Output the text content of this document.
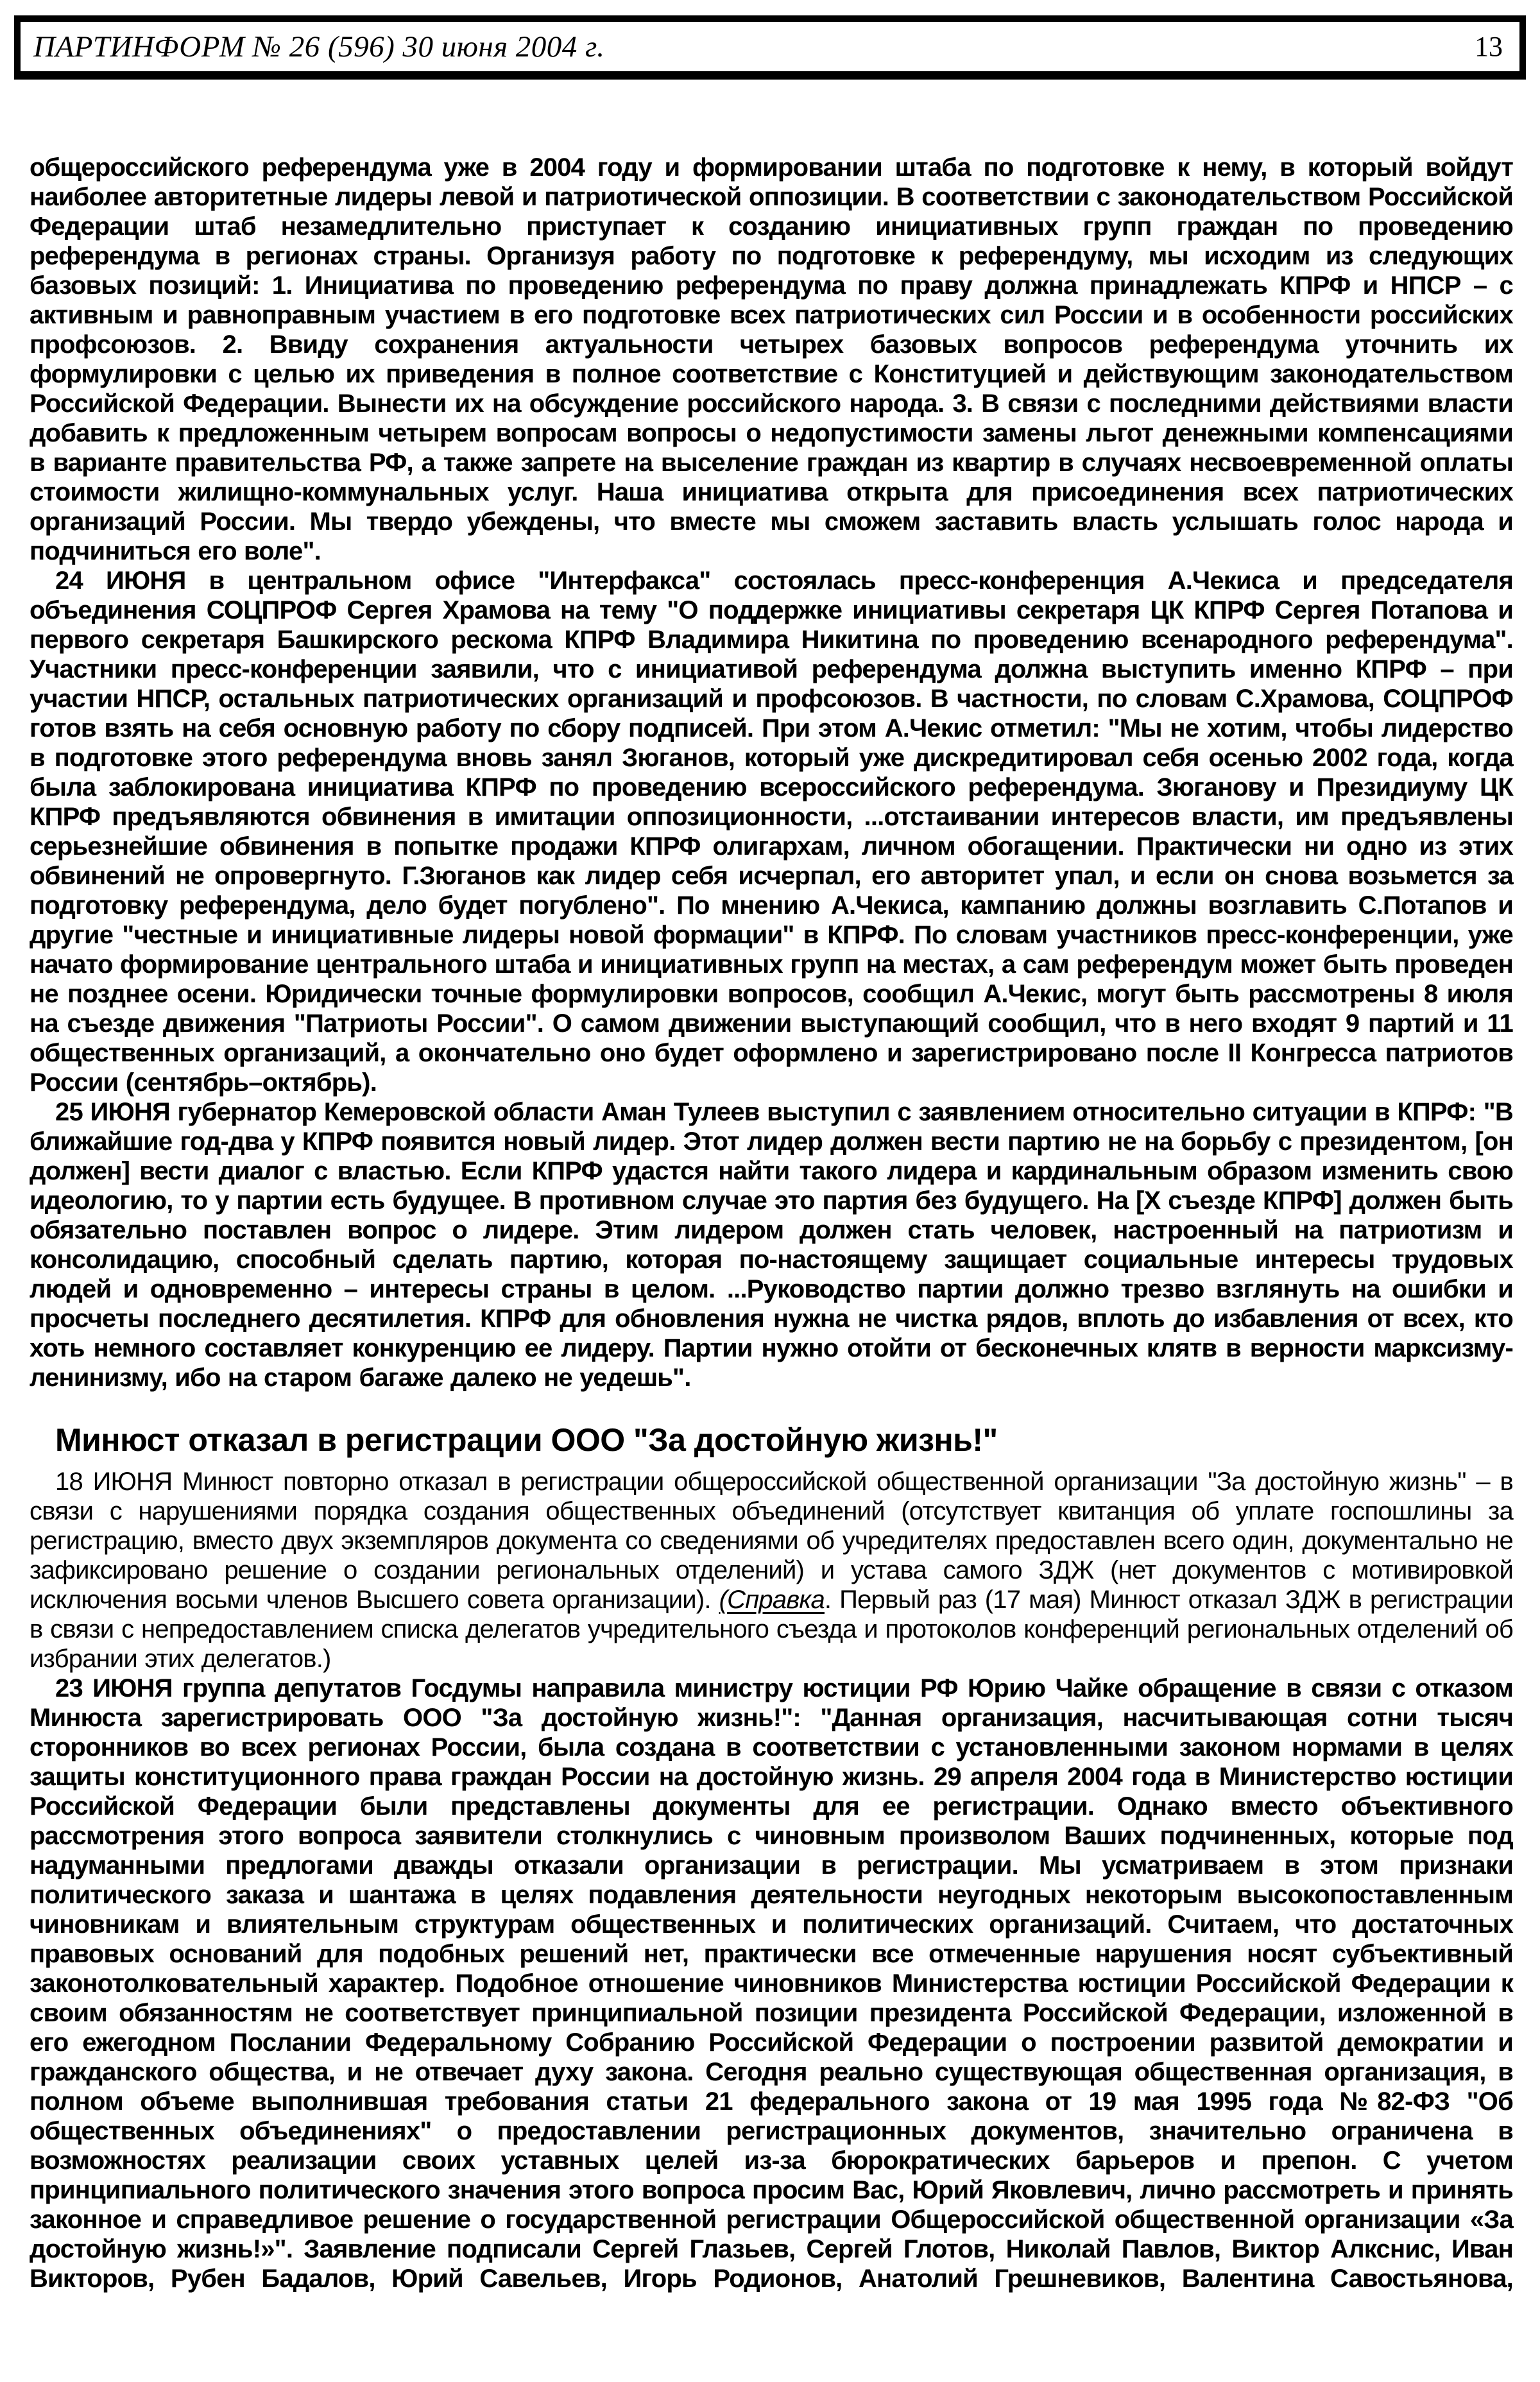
ПАРТИНФОРМ № 26 (596) 30 июня 2004 г.	13

общероссийского референдума уже в 2004 году и формировании штаба по подготовке к нему, в который войдут наиболее авторитетные лидеры левой и патриотической оппозиции. В соответствии с законодательством Российской Федерации штаб незамедлительно приступает к созданию инициативных групп граждан по проведению референдума в регионах страны. Организуя работу по подготовке к референдуму, мы исходим из следующих базовых позиций: 1. Инициатива по проведению референдума по праву должна принадлежать КПРФ и НПСР – с активным и равноправным участием в его подготовке всех патриотических сил России и в особенности российских профсоюзов. 2. Ввиду сохранения актуальности четырех базовых вопросов референдума уточнить их формулировки с целью их приведения в полное соответствие с Конституцией и действующим законодательством Российской Федерации. Вынести их на обсуждение российского народа. 3. В связи с последними действиями власти добавить к предложенным четырем вопросам вопросы о недопустимости замены льгот денежными компенсациями в варианте правительства РФ, а также запрете на выселение граждан из квартир в случаях несвоевременной оплаты стоимости жилищно-коммунальных услуг. Наша инициатива открыта для присоединения всех патриотических организаций России. Мы твердо убеждены, что вместе мы сможем заставить власть услышать голос народа и подчиниться его воле".

24 ИЮНЯ в центральном офисе "Интерфакса" состоялась пресс-конференция А.Чекиса и председателя объединения СОЦПРОФ Сергея Храмова на тему "О поддержке инициативы секретаря ЦК КПРФ Сергея Потапова и первого секретаря Башкирского рескома КПРФ Владимира Никитина по проведению всенародного референдума". Участники пресс-конференции заявили, что с инициативой референдума должна выступить именно КПРФ – при участии НПСР, остальных патриотических организаций и профсоюзов. В частности, по словам С.Храмова, СОЦПРОФ готов взять на себя основную работу по сбору подписей. При этом А.Чекис отметил: "Мы не хотим, чтобы лидерство в подготовке этого референдума вновь занял Зюганов, который уже дискредитировал себя осенью 2002 года, когда была заблокирована инициатива КПРФ по проведению всероссийского референдума. Зюганову и Президиуму ЦК КПРФ предъявляются обвинения в имитации оппозиционности, ...отстаивании интересов власти, им предъявлены серьезнейшие обвинения в попытке продажи КПРФ олигархам, личном обогащении. Практически ни одно из этих обвинений не опровергнуто. Г.Зюганов как лидер себя исчерпал, его авторитет упал, и если он снова возьмется за подготовку референдума, дело будет погублено". По мнению А.Чекиса, кампанию должны возглавить С.Потапов и другие "честные и инициативные лидеры новой формации" в КПРФ. По словам участников пресс-конференции, уже начато формирование центрального штаба и инициативных групп на местах, а сам референдум может быть проведен не позднее осени. Юридически точные формулировки вопросов, сообщил А.Чекис, могут быть рассмотрены 8 июля на съезде движения "Патриоты России". О самом движении выступающий сообщил, что в него входят 9 партий и 11 общественных организаций, а окончательно оно будет оформлено и зарегистрировано после II Конгресса патриотов России (сентябрь–октябрь).

25 ИЮНЯ губернатор Кемеровской области Аман Тулеев выступил с заявлением относительно ситуации в КПРФ: "В ближайшие год-два у КПРФ появится новый лидер. Этот лидер должен вести партию не на борьбу с президентом, [он должен] вести диалог с властью. Если КПРФ удастся найти такого лидера и кардинальным образом изменить свою идеологию, то у партии есть будущее. В противном случае это партия без будущего. На [X съезде КПРФ] должен быть обязательно поставлен вопрос о лидере. Этим лидером должен стать человек, настроенный на патриотизм и консолидацию, способный сделать партию, которая по-настоящему защищает социальные интересы трудовых людей и одновременно – интересы страны в целом. ...Руководство партии должно трезво взглянуть на ошибки и просчеты последнего десятилетия. КПРФ для обновления нужна не чистка рядов, вплоть до избавления от всех, кто хоть немного составляет конкуренцию ее лидеру. Партии нужно отойти от бесконечных клятв в верности марксизму-ленинизму, ибо на старом багаже далеко не уедешь".

Минюст отказал в регистрации ООО "За достойную жизнь!"

18 ИЮНЯ Минюст повторно отказал в регистрации общероссийской общественной организации "За достойную жизнь" – в связи с нарушениями порядка создания общественных объединений (отсутствует квитанция об уплате госпошлины за регистрацию, вместо двух экземпляров документа со сведениями об учредителях предоставлен всего один, документально не зафиксировано решение о создании региональных отделений) и устава самого ЗДЖ (нет документов с мотивировкой исключения восьми членов Высшего совета организации). (Справка. Первый раз (17 мая) Минюст отказал ЗДЖ в регистрации в связи с непредоставлением списка делегатов учредительного съезда и протоколов конференций региональных отделений об избрании этих делегатов.)

23 ИЮНЯ группа депутатов Госдумы направила министру юстиции РФ Юрию Чайке обращение в связи с отказом Минюста зарегистрировать ООО "За достойную жизнь!": "Данная организация, насчитывающая сотни тысяч сторонников во всех регионах России, была создана в соответствии с установленными законом нормами в целях защиты конституционного права граждан России на достойную жизнь. 29 апреля 2004 года в Министерство юстиции Российской Федерации были представлены документы для ее регистрации. Однако вместо объективного рассмотрения этого вопроса заявители столкнулись с чиновным произволом Ваших подчиненных, которые под надуманными предлогами дважды отказали организации в регистрации. Мы усматриваем в этом признаки политического заказа и шантажа в целях подавления деятельности неугодных некоторым высокопоставленным чиновникам и влиятельным структурам общественных и политических организаций. Считаем, что достаточных правовых оснований для подобных решений нет, практически все отмеченные нарушения носят субъективный законотолковательный характер. Подобное отношение чиновников Министерства юстиции Российской Федерации к своим обязанностям не соответствует принципиальной позиции президента Российской Федерации, изложенной в его ежегодном Послании Федеральному Собранию Российской Федерации о построении развитой демократии и гражданского общества, и не отвечает духу закона. Сегодня реально существующая общественная организация, в полном объеме выполнившая требования статьи 21 федерального закона от 19 мая 1995 года №82-ФЗ "Об общественных объединениях" о предоставлении регистрационных документов, значительно ограничена в возможностях реализации своих уставных целей из-за бюрократических барьеров и препон. С учетом принципиального политического значения этого вопроса просим Вас, Юрий Яковлевич, лично рассмотреть и принять законное и справедливое решение о государственной регистрации Общероссийской общественной организации «За достойную жизнь!»". Заявление подписали Сергей Глазьев, Сергей Глотов, Николай Павлов, Виктор Алкснис, Иван Викторов, Рубен Бадалов, Юрий Савельев, Игорь Родионов, Анатолий Грешневиков, Валентина Савостьянова,
